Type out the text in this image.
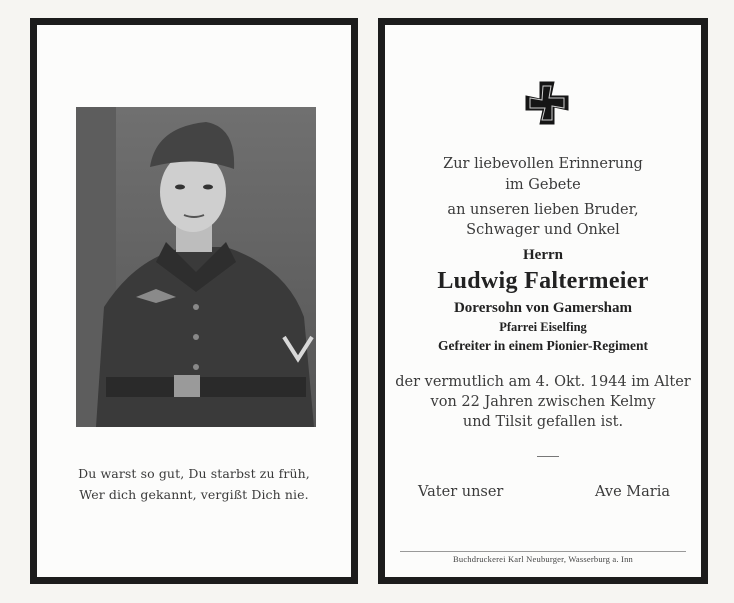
Du warst so gut, Du starbst zu früh,
Wer dich gekannt, vergißt Dich nie.
Zur liebevollen Erinnerung
im Gebete
an unseren lieben Bruder,
Schwager und Onkel
Herrn
Ludwig Faltermeier
Dorersohn von Gamersham
Pfarrei Eiselfing
Gefreiter in einem Pionier-Regiment
der vermutlich am 4. Okt. 1944 im Alter
von 22 Jahren zwischen Kelmy
und Tilsit gefallen ist.
Vater unser	Ave Maria
Buchdruckerei Karl Neuburger, Wasserburg a. Inn
